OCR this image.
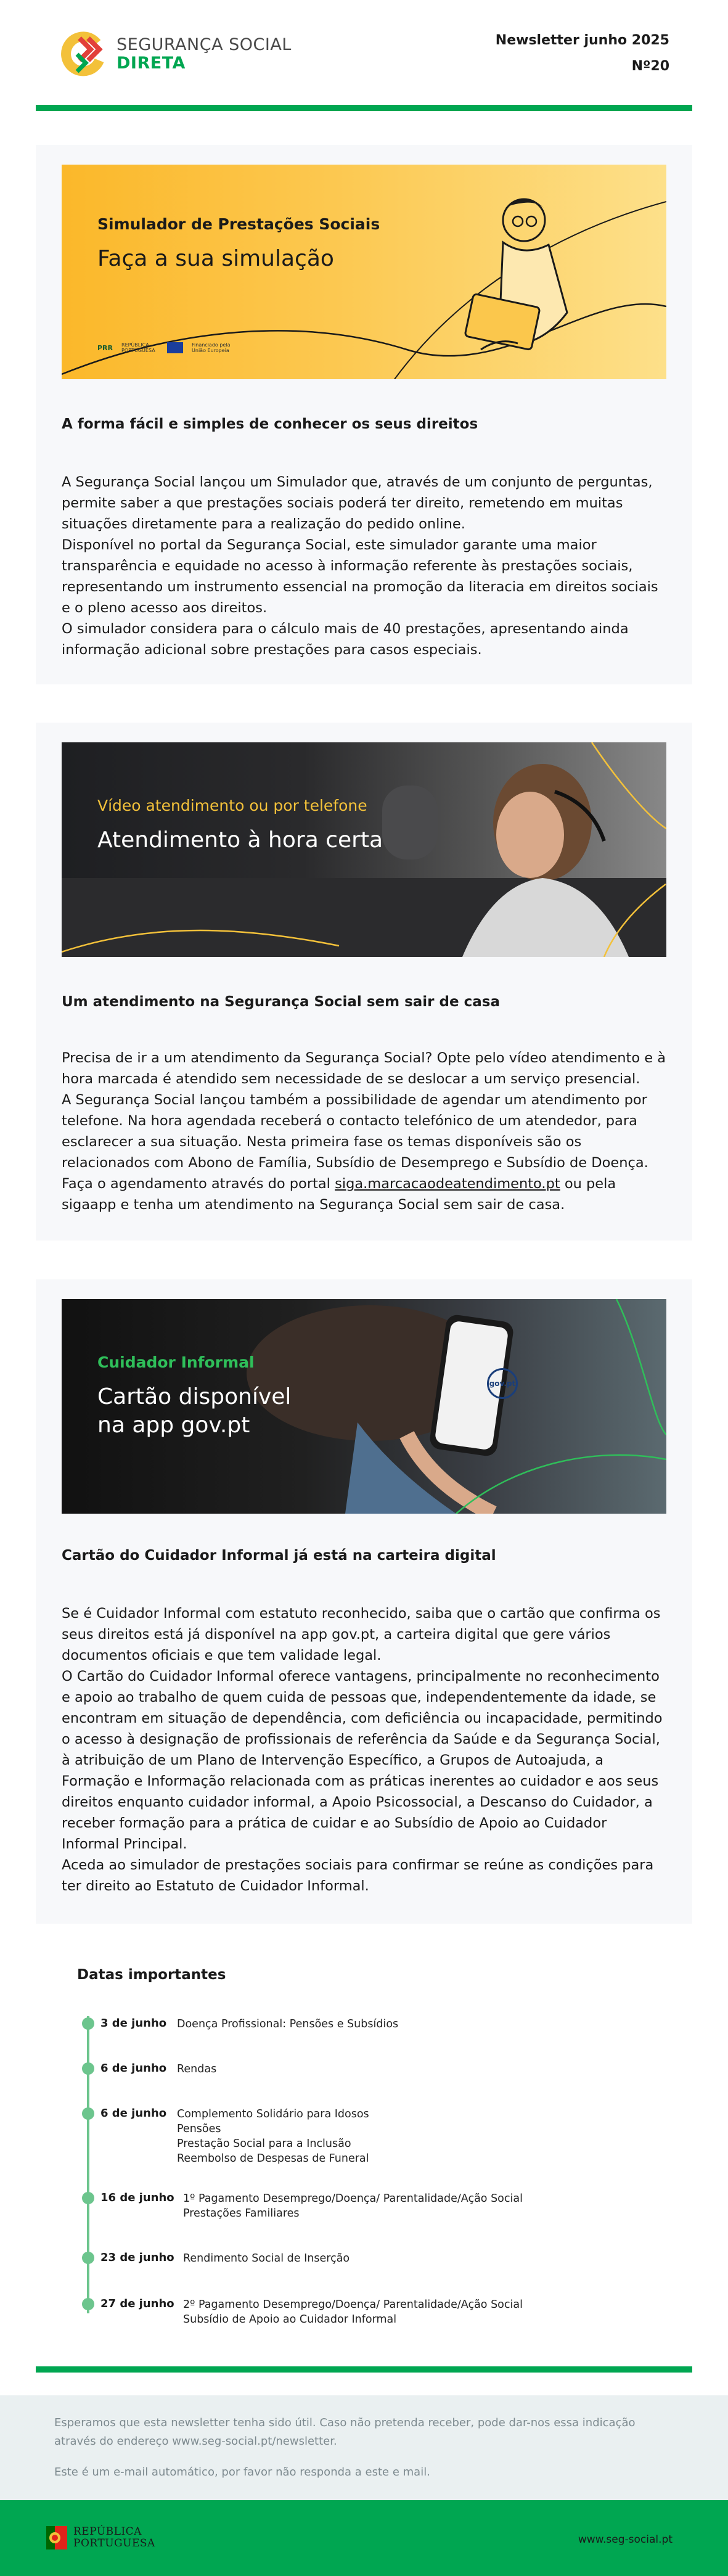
SEGURANÇA SOCIAL
DIRETA
Newsletter junho 2025
Nº20
Simulador de Prestações Sociais
Faça a sua simulação
PRR REPÚBLICA PORTUGUESA
Financiado pela União Europeia
A forma fácil e simples de conhecer os seus direitos

A Segurança Social lançou um Simulador que, através de um conjunto de perguntas, permite saber a que prestações sociais poderá ter direito, remetendo em muitas situações diretamente para a realização do pedido online.

Disponível no portal da Segurança Social, este simulador garante uma maior transparência e equidade no acesso à informação referente às prestações sociais, representando um instrumento essencial na promoção da literacia em direitos sociais e o pleno acesso aos direitos.

O simulador considera para o cálculo mais de 40 prestações, apresentando ainda informação adicional sobre prestações para casos especiais.

Vídeo atendimento ou por telefone
Atendimento à hora certa
Um atendimento na Segurança Social sem sair de casa

Precisa de ir a um atendimento da Segurança Social? Opte pelo vídeo atendimento e à hora marcada é atendido sem necessidade de se deslocar a um serviço presencial.

A Segurança Social lançou também a possibilidade de agendar um atendimento por telefone. Na hora agendada receberá o contacto telefónico de um atendedor, para esclarecer a sua situação. Nesta primeira fase os temas disponíveis são os relacionados com Abono de Família, Subsídio de Desemprego e Subsídio de Doença.

Faça o agendamento através do portal siga.marcacaodeatendimento.pt ou pela sigaapp e tenha um atendimento na Segurança Social sem sair de casa.

gov.pt
Cuidador Informal
Cartão disponível
na app gov.pt
Cartão do Cuidador Informal já está na carteira digital

Se é Cuidador Informal com estatuto reconhecido, saiba que o cartão que confirma os seus direitos está já disponível na app gov.pt, a carteira digital que gere vários documentos oficiais e que tem validade legal.

O Cartão do Cuidador Informal oferece vantagens, principalmente no reconhecimento e apoio ao trabalho de quem cuida de pessoas que, independentemente da idade, se encontram em situação de dependência, com deficiência ou incapacidade, permitindo o acesso à designação de profissionais de referência da Saúde e da Segurança Social, à atribuição de um Plano de Intervenção Específico, a Grupos de Autoajuda, a Formação e Informação relacionada com as práticas inerentes ao cuidador e aos seus direitos enquanto cuidador informal, a Apoio Psicossocial, a Descanso do Cuidador, a receber formação para a prática de cuidar e ao Subsídio de Apoio ao Cuidador Informal Principal.

Aceda ao simulador de prestações sociais para confirmar se reúne as condições para ter direito ao Estatuto de Cuidador Informal.

Datas importantes
3 de junho Doença Profissional: Pensões e Subsídios
6 de junho Rendas
6 de junho Complemento Solidário para Idosos
Pensões
Prestação Social para a Inclusão
Reembolso de Despesas de Funeral
16 de junho 1º Pagamento Desemprego/Doença/ Parentalidade/Ação Social
Prestações Familiares
23 de junho Rendimento Social de Inserção
27 de junho 2º Pagamento Desemprego/Doença/ Parentalidade/Ação Social
Subsídio de Apoio ao Cuidador Informal

Esperamos que esta newsletter tenha sido útil. Caso não pretenda receber, pode dar-nos essa indicação através do endereço www.seg-social.pt/newsletter.

Este é um e-mail automático, por favor não responda a este e mail.

REPÚBLICA
PORTUGUESA	www.seg-social.pt
